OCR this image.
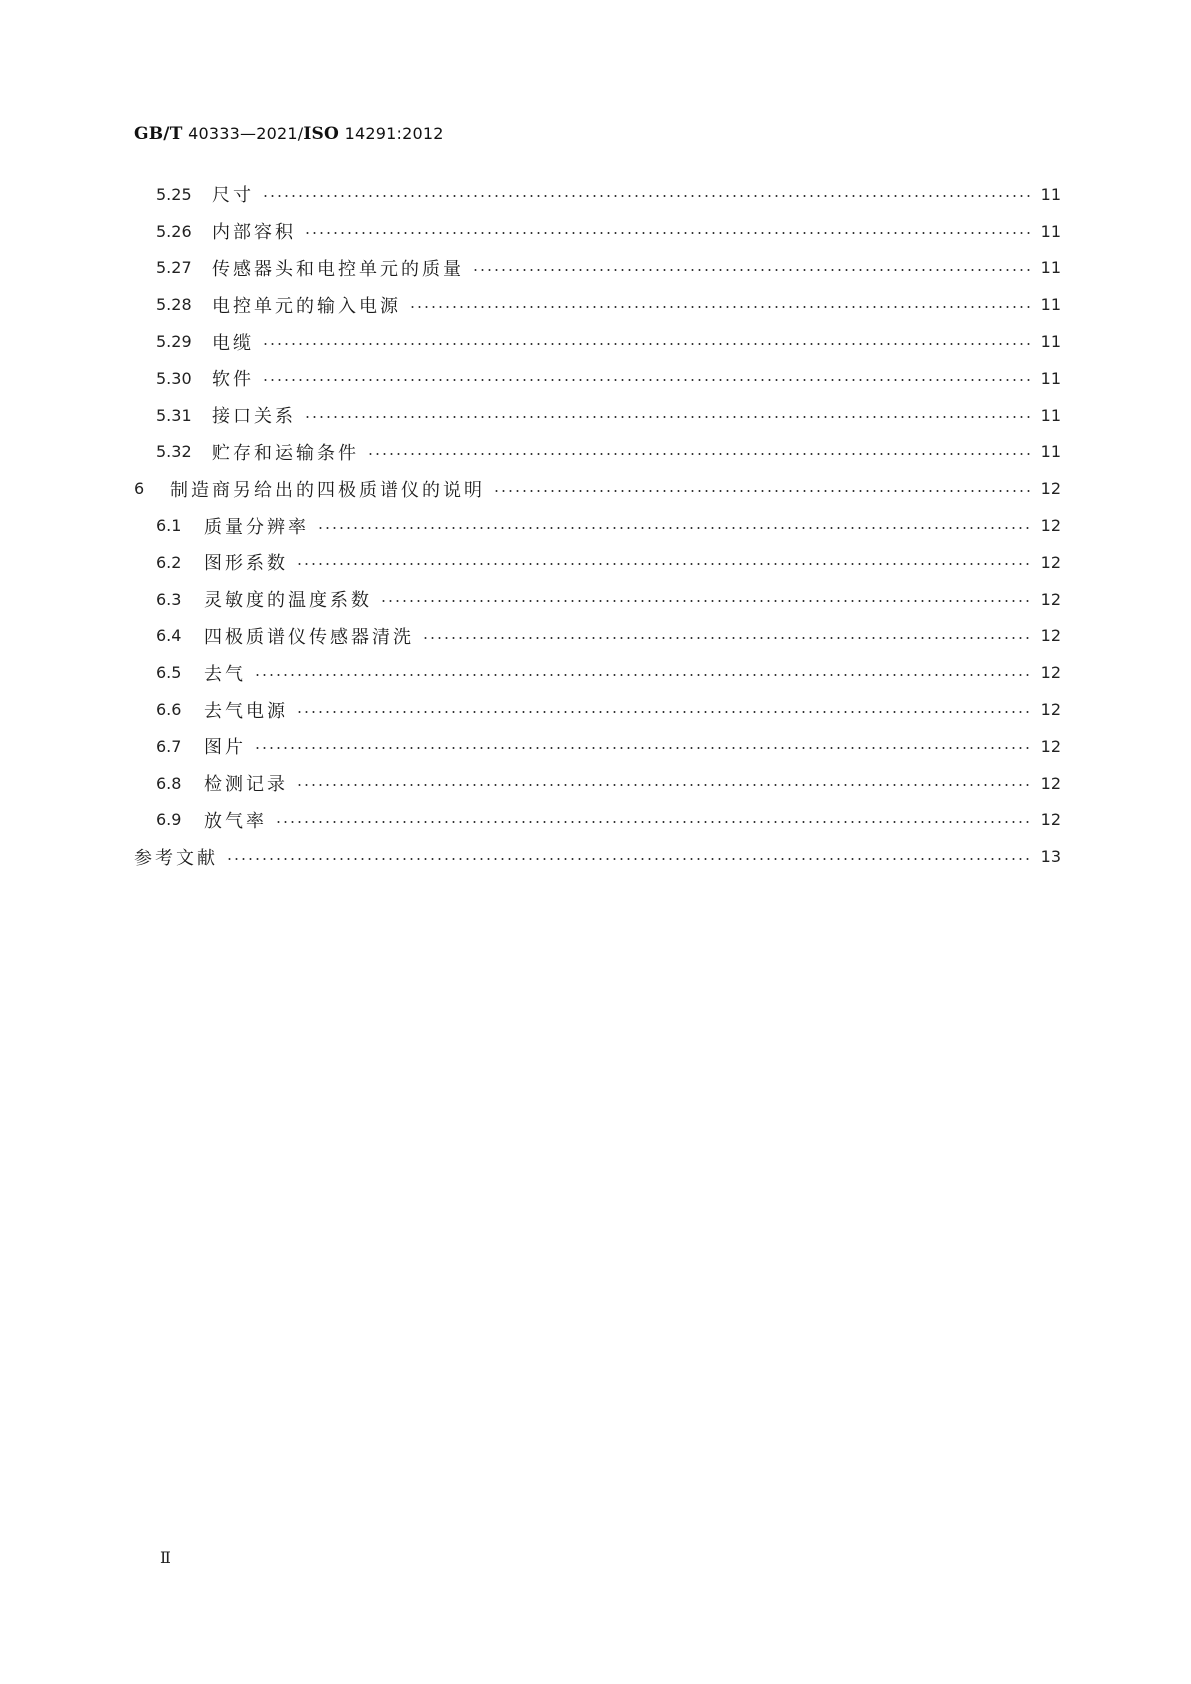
GB/T 40333—2021/ISO 14291:2012
5.25	尺寸	11
5.26	内部容积	11
5.27	传感器头和电控单元的质量	11
5.28	电控单元的输入电源	11
5.29	电缆	11
5.30	软件	11
5.31	接口关系	11
5.32	贮存和运输条件	11
6	制造商另给出的四极质谱仪的说明	12
6.1	质量分辨率	12
6.2	图形系数	12
6.3	灵敏度的温度系数	12
6.4	四极质谱仪传感器清洗	12
6.5	去气	12
6.6	去气电源	12
6.7	图片	12
6.8	检测记录	12
6.9	放气率	12
参考文献	13
Ⅱ
